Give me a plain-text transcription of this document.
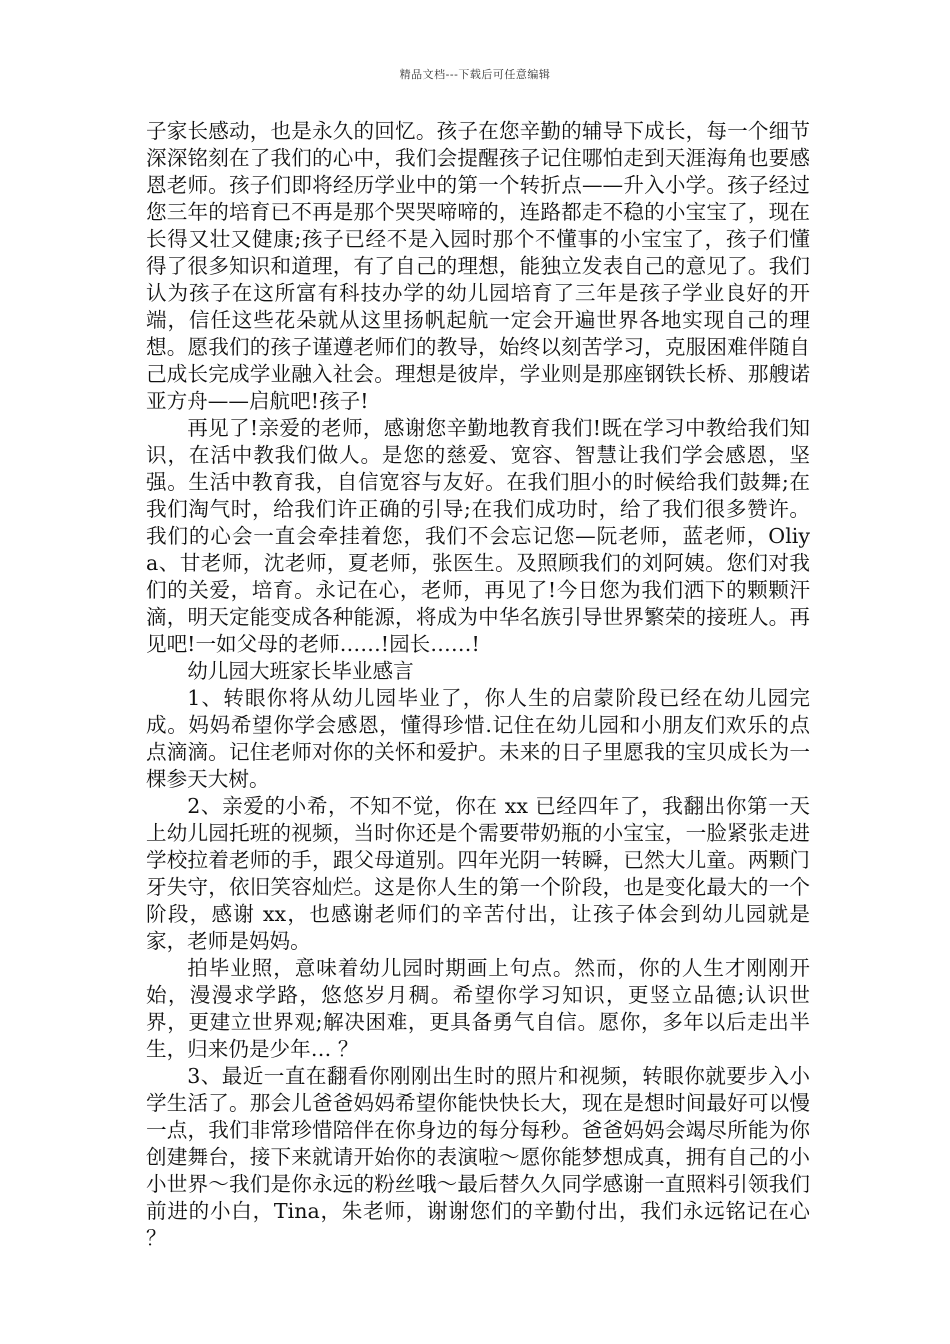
精品文档---下载后可任意编辑

子家长感动，也是永久的回忆。孩子在您辛勤的辅导下成长，每一个细节深深铭刻在了我们的心中，我们会提醒孩子记住哪怕走到天涯海角也要感恩老师。孩子们即将经历学业中的第一个转折点——升入小学。孩子经过您三年的培育已不再是那个哭哭啼啼的，连路都走不稳的小宝宝了，现在长得又壮又健康;孩子已经不是入园时那个不懂事的小宝宝了，孩子们懂得了很多知识和道理，有了自己的理想，能独立发表自己的意见了。我们认为孩子在这所富有科技办学的幼儿园培育了三年是孩子学业良好的开端，信任这些花朵就从这里扬帆起航一定会开遍世界各地实现自己的理想。愿我们的孩子谨遵老师们的教导，始终以刻苦学习，克服困难伴随自己成长完成学业融入社会。理想是彼岸，学业则是那座钢铁长桥、那艘诺亚方舟——启航吧!孩子!

再见了!亲爱的老师，感谢您辛勤地教育我们!既在学习中教给我们知识，在活中教我们做人。是您的慈爱、宽容、智慧让我们学会感恩，坚强。生活中教育我，自信宽容与友好。在我们胆小的时候给我们鼓舞;在我们淘气时，给我们许正确的引导;在我们成功时，给了我们很多赞许。我们的心会一直会牵挂着您，我们不会忘记您—阮老师，蓝老师，Oliya、甘老师，沈老师，夏老师，张医生。及照顾我们的刘阿姨。您们对我们的关爱，培育。永记在心，老师，再见了!今日您为我们洒下的颗颗汗滴，明天定能变成各种能源，将成为中华名族引导世界繁荣的接班人。再见吧!一如父母的老师……!园长……!

幼儿园大班家长毕业感言

1、转眼你将从幼儿园毕业了，你人生的启蒙阶段已经在幼儿园完成。妈妈希望你学会感恩，懂得珍惜.记住在幼儿园和小朋友们欢乐的点点滴滴。记住老师对你的关怀和爱护。未来的日子里愿我的宝贝成长为一棵参天大树。

2、亲爱的小希，不知不觉，你在 xx 已经四年了，我翻出你第一天上幼儿园托班的视频，当时你还是个需要带奶瓶的小宝宝，一脸紧张走进学校拉着老师的手，跟父母道别。四年光阴一转瞬，已然大儿童。两颗门牙失守，依旧笑容灿烂。这是你人生的第一个阶段，也是变化最大的一个阶段，感谢 xx，也感谢老师们的辛苦付出，让孩子体会到幼儿园就是家，老师是妈妈。

拍毕业照，意味着幼儿园时期画上句点。然而，你的人生才刚刚开始，漫漫求学路，悠悠岁月稠。希望你学习知识，更竖立品德;认识世界，更建立世界观;解决困难，更具备勇气自信。愿你，多年以后走出半生，归来仍是少年… ？

3、最近一直在翻看你刚刚出生时的照片和视频，转眼你就要步入小学生活了。那会儿爸爸妈妈希望你能快快长大，现在是想时间最好可以慢一点，我们非常珍惜陪伴在你身边的每分每秒。爸爸妈妈会竭尽所能为你创建舞台，接下来就请开始你的表演啦～愿你能梦想成真，拥有自己的小小世界～我们是你永远的粉丝哦～最后替久久同学感谢一直照料引领我们前进的小白，Tina，朱老师，谢谢您们的辛勤付出，我们永远铭记在心 ？
